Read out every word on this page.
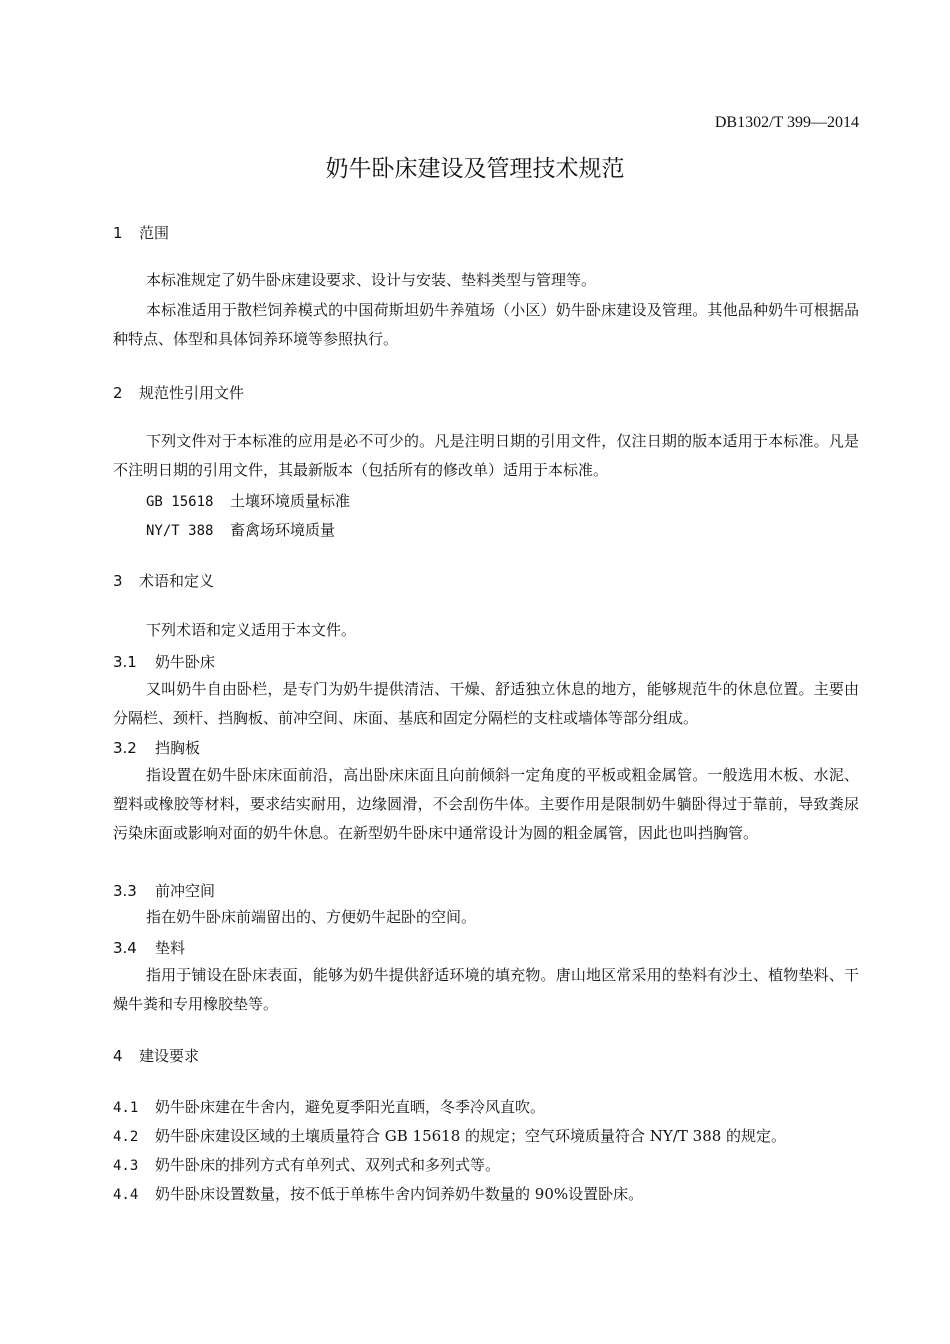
DB1302/T 399—2014
奶牛卧床建设及管理技术规范
1 范围
本标准规定了奶牛卧床建设要求、设计与安装、垫料类型与管理等。
本标准适用于散栏饲养模式的中国荷斯坦奶牛养殖场（小区）奶牛卧床建设及管理。其他品种奶牛可根据品种特点、体型和具体饲养环境等参照执行。
2 规范性引用文件
下列文件对于本标准的应用是必不可少的。凡是注明日期的引用文件，仅注日期的版本适用于本标准。凡是不注明日期的引用文件，其最新版本（包括所有的修改单）适用于本标准。
GB 15618 土壤环境质量标准
NY/T 388 畜禽场环境质量
3 术语和定义
下列术语和定义适用于本文件。
3.1 奶牛卧床
又叫奶牛自由卧栏，是专门为奶牛提供清洁、干燥、舒适独立休息的地方，能够规范牛的休息位置。主要由分隔栏、颈杆、挡胸板、前冲空间、床面、基底和固定分隔栏的支柱或墙体等部分组成。
3.2 挡胸板
指设置在奶牛卧床床面前沿，高出卧床床面且向前倾斜一定角度的平板或粗金属管。一般选用木板、水泥、塑料或橡胶等材料，要求结实耐用，边缘圆滑，不会刮伤牛体。主要作用是限制奶牛躺卧得过于靠前，导致粪尿污染床面或影响对面的奶牛休息。在新型奶牛卧床中通常设计为圆的粗金属管，因此也叫挡胸管。
3.3 前冲空间
指在奶牛卧床前端留出的、方便奶牛起卧的空间。
3.4 垫料
指用于铺设在卧床表面，能够为奶牛提供舒适环境的填充物。唐山地区常采用的垫料有沙土、植物垫料、干燥牛粪和专用橡胶垫等。
4 建设要求
4.1 奶牛卧床建在牛舍内，避免夏季阳光直晒，冬季冷风直吹。
4.2 奶牛卧床建设区域的土壤质量符合 GB 15618 的规定；空气环境质量符合 NY/T 388 的规定。
4.3 奶牛卧床的排列方式有单列式、双列式和多列式等。
4.4 奶牛卧床设置数量，按不低于单栋牛舍内饲养奶牛数量的 90%设置卧床。
